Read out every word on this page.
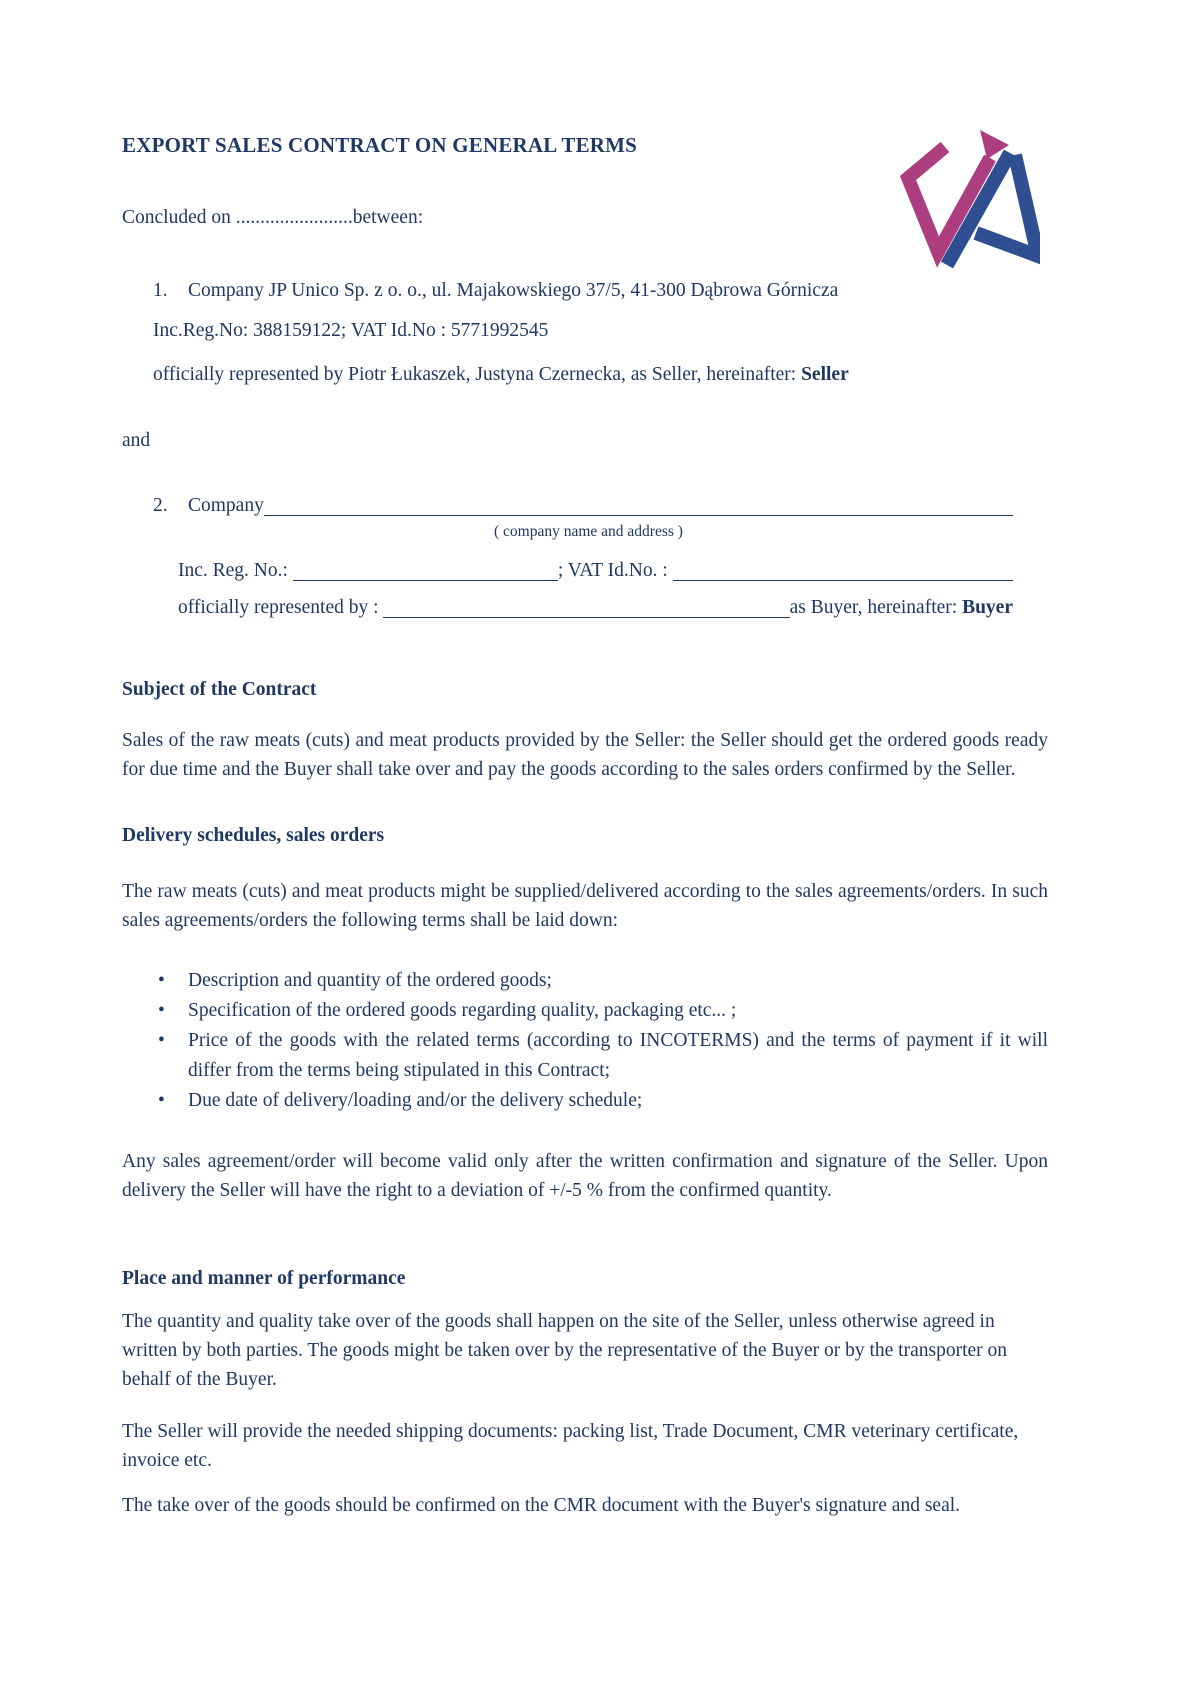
EXPORT SALES CONTRACT ON GENERAL TERMS

Concluded on ........................between:

1.	Company JP Unico Sp. z o. o., ul. Majakowskiego 37/5, 41-300 Dąbrowa Górnicza
Inc.Reg.No: 388159122; VAT Id.No : 5771992545
officially represented by Piotr Łukaszek, Justyna Czernecka, as Seller, hereinafter: Seller

and

2.	Company
( company name and address )
Inc. Reg. No.:	; VAT Id.No. :
officially represented by :	as Buyer, hereinafter: Buyer
Subject of the Contract

Sales of the raw meats (cuts) and meat products provided by the Seller: the Seller should get the ordered goods ready for due time and the Buyer shall take over and pay the goods according to the sales orders confirmed by the Seller.

Delivery schedules, sales orders

The raw meats (cuts) and meat products might be supplied/delivered according to the sales agreements/orders. In such sales agreements/orders the following terms shall be laid down:

•	Description and quantity of the ordered goods;
•	Specification of the ordered goods regarding quality, packaging etc... ;
•	Price of the goods with the related terms (according to INCOTERMS) and the terms of payment if it will differ from the terms being stipulated in this Contract;
•	Due date of delivery/loading and/or the delivery schedule;

Any sales agreement/order will become valid only after the written confirmation and signature of the Seller. Upon delivery the Seller will have the right to a deviation of +/-5 % from the confirmed quantity.

Place and manner of performance

The quantity and quality take over of the goods shall happen on the site of the Seller, unless otherwise agreed in written by both parties. The goods might be taken over by the representative of the Buyer or by the transporter on behalf of the Buyer.

The Seller will provide the needed shipping documents: packing list, Trade Document, CMR veterinary certificate, invoice etc.

The take over of the goods should be confirmed on the CMR document with the Buyer's signature and seal.
